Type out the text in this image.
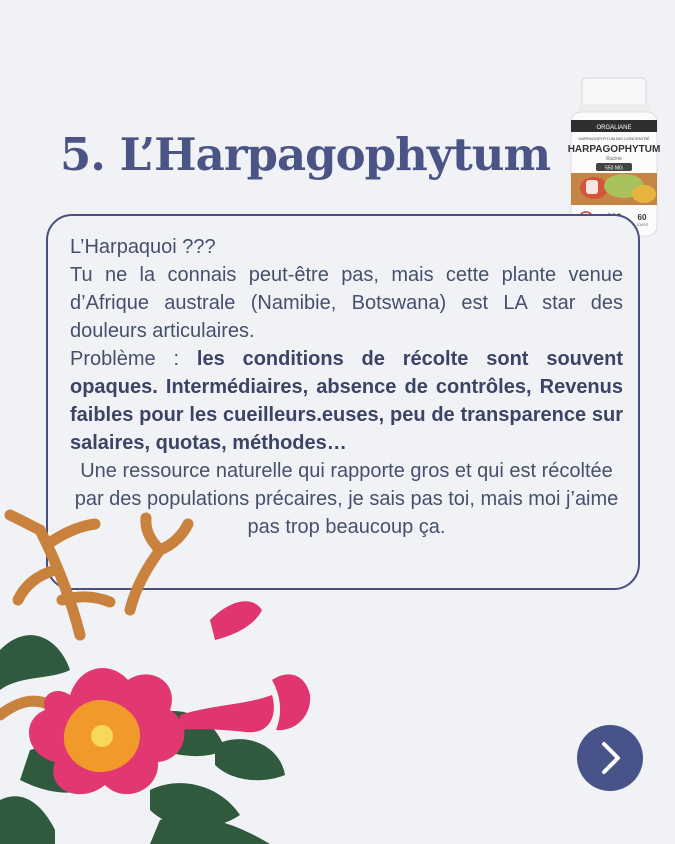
5. L’Harpagophytum	ORGALIANE
HARPAGOPHYTUM BIO CONCENTRÉ
HARPAGOPHYTUM
Racine
550 MG
60
JOURS

L’Harpaquoi ???

Tu ne la connais peut-être pas, mais cette plante venue d’Afrique australe (Namibie, Botswana) est LA star des douleurs articulaires.

Problème : les conditions de récolte sont souvent opaques. Intermédiaires, absence de contrôles, Revenus faibles pour les cueilleurs.euses, peu de transparence sur salaires, quotas, méthodes…

Une ressource naturelle qui rapporte gros et qui est récoltée par des populations précaires, je sais pas toi, mais moi j’aime pas trop beaucoup ça.
